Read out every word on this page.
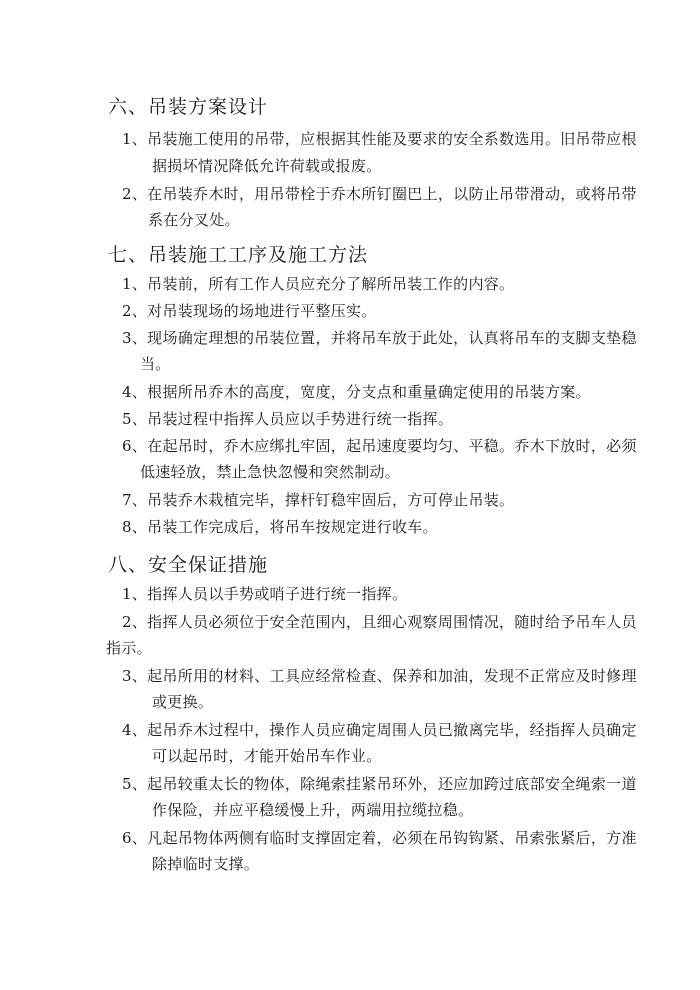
六、吊装方案设计
1、吊装施工使用的吊带，应根据其性能及要求的安全系数选用。旧吊带应根
据损坏情况降低允许荷载或报废。
2、在吊装乔木时，用吊带栓于乔木所钉圈巴上，以防止吊带滑动，或将吊带
系在分叉处。
七、吊装施工工序及施工方法
1、吊装前，所有工作人员应充分了解所吊装工作的内容。
2、对吊装现场的场地进行平整压实。
3、现场确定理想的吊装位置，并将吊车放于此处，认真将吊车的支脚支垫稳
当。
4、根据所吊乔木的高度，宽度，分支点和重量确定使用的吊装方案。
5、吊装过程中指挥人员应以手势进行统一指挥。
6、在起吊时，乔木应绑扎牢固，起吊速度要均匀、平稳。乔木下放时，必须
低速轻放，禁止急快忽慢和突然制动。
7、吊装乔木栽植完毕，撑杆钉稳牢固后，方可停止吊装。
8、吊装工作完成后，将吊车按规定进行收车。
八、安全保证措施
1、指挥人员以手势或哨子进行统一指挥。
2、指挥人员必须位于安全范围内，且细心观察周围情况，随时给予吊车人员
指示。
3、起吊所用的材料、工具应经常检查、保养和加油，发现不正常应及时修理
或更换。
4、起吊乔木过程中，操作人员应确定周围人员已撤离完毕，经指挥人员确定
可以起吊时，才能开始吊车作业。
5、起吊较重太长的物体，除绳索挂紧吊环外，还应加跨过底部安全绳索一道
作保险，并应平稳缓慢上升，两端用拉缆拉稳。
6、凡起吊物体两侧有临时支撑固定着，必须在吊钩钩紧、吊索张紧后，方准
除掉临时支撑。
